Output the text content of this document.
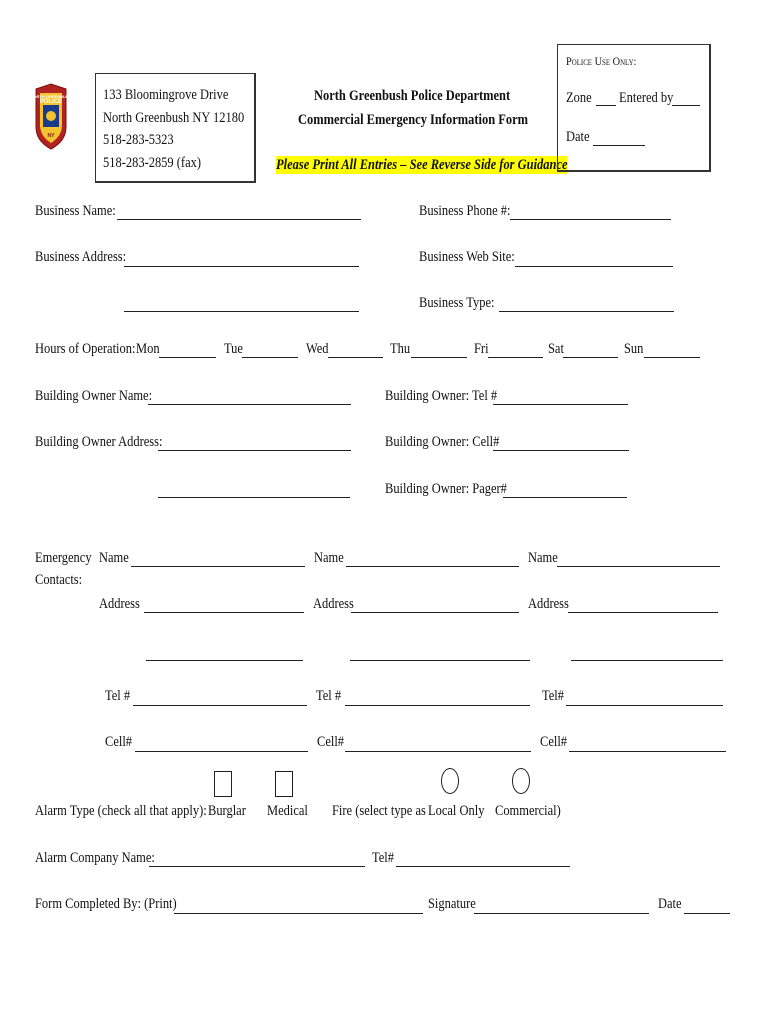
NORTH GREENBUSH
POLICE
NY
133 Bloomingrove Drive
North Greenbush NY 12180
518-283-5323
518-283-2859 (fax)
North Greenbush Police Department
Commercial Emergency Information Form
Please Print All Entries – See Reverse Side for Guidance
Police Use Only:
Zone Entered by
Date
Business Name:	Business Phone #:
Business Address:	Business Web Site:
Business Type:
Hours of Operation: Mon	Tue	Wed	Thu	Fri	Sat	Sun
Building Owner Name:	Building Owner: Tel #
Building Owner Address:	Building Owner: Cell#
Building Owner: Pager#
Emergency
Contacts:
Name	Name	Name
Address	Address	Address
Tel #	Tel #	Tel#
Cell#	Cell#	Cell#
Alarm Type (check all that apply): Burglar Medical Fire (select type as Local Only Commercial)
Alarm Company Name:	Tel#
Form Completed By: (Print)	Signature	Date
